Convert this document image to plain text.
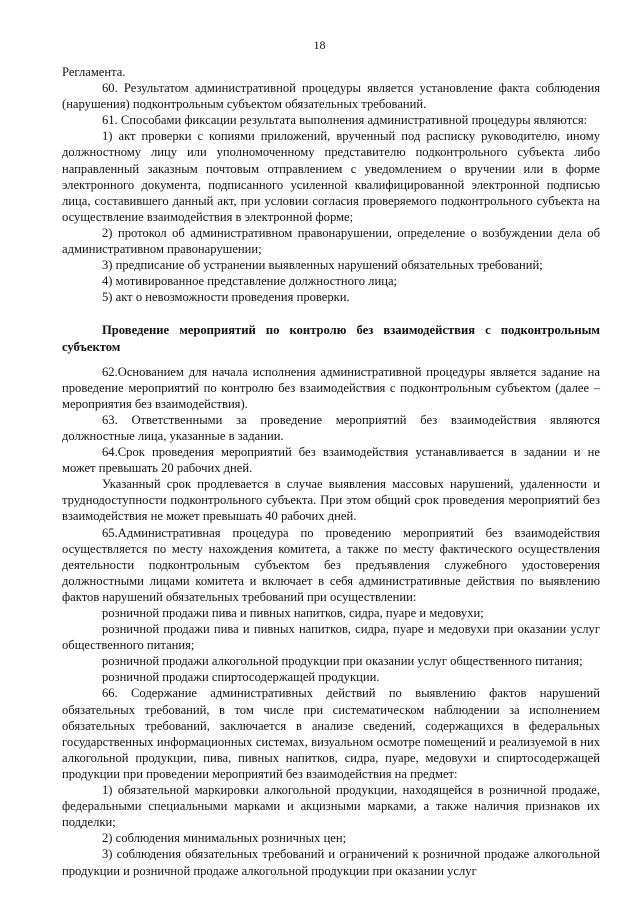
18

Регламента.

60. Результатом административной процедуры является установление факта соблюдения (нарушения) подконтрольным субъектом обязательных требований.

61. Способами фиксации результата выполнения административной процедуры являются:

1) акт проверки с копиями приложений, врученный под расписку руководителю, иному должностному лицу или уполномоченному представителю подконтрольного субъекта либо направленный заказным почтовым отправлением с уведомлением о вручении или в форме электронного документа, подписанного усиленной квалифицированной электронной подписью лица, составившего данный акт, при условии согласия проверяемого подконтрольного субъекта на осуществление взаимодействия в электронной форме;

2) протокол об административном правонарушении, определение о возбуждении дела об административном правонарушении;

3) предписание об устранении выявленных нарушений обязательных требований;

4) мотивированное представление должностного лица;

5) акт о невозможности проведения проверки.

Проведение мероприятий по контролю без взаимодействия с подконтрольным субъектом

62.Основанием для начала исполнения административной процедуры является задание на проведение мероприятий по контролю без взаимодействия с подконтрольным субъектом (далее – мероприятия без взаимодействия).

63. Ответственными за проведение мероприятий без взаимодействия являются должностные лица, указанные в задании.

64.Срок проведения мероприятий без взаимодействия устанавливается в задании и не может превышать 20 рабочих дней.

Указанный срок продлевается в случае выявления массовых нарушений, удаленности и труднодоступности подконтрольного субъекта. При этом общий срок проведения мероприятий без взаимодействия не может превышать 40 рабочих дней.

65.Административная процедура по проведению мероприятий без взаимодействия осуществляется по месту нахождения комитета, а также по месту фактического осуществления деятельности подконтрольным субъектом без предъявления служебного удостоверения должностными лицами комитета и включает в себя административные действия по выявлению фактов нарушений обязательных требований при осуществлении:

розничной продажи пива и пивных напитков, сидра, пуаре и медовухи;

розничной продажи пива и пивных напитков, сидра, пуаре и медовухи при оказании услуг общественного питания;

розничной продажи алкогольной продукции при оказании услуг общественного питания;

розничной продажи спиртосодержащей продукции.

66. Содержание административных действий по выявлению фактов нарушений обязательных требований, в том числе при систематическом наблюдении за исполнением обязательных требований, заключается в анализе сведений, содержащихся в федеральных государственных информационных системах, визуальном осмотре помещений и реализуемой в них алкогольной продукции, пива, пивных напитков, сидра, пуаре, медовухи и спиртосодержащей продукции при проведении мероприятий без взаимодействия на предмет:

1) обязательной маркировки алкогольной продукции, находящейся в розничной продаже, федеральными специальными марками и акцизными марками, а также наличия признаков их подделки;

2) соблюдения минимальных розничных цен;

3) соблюдения обязательных требований и ограничений к розничной продаже алкогольной продукции и розничной продаже алкогольной продукции при оказании услуг
